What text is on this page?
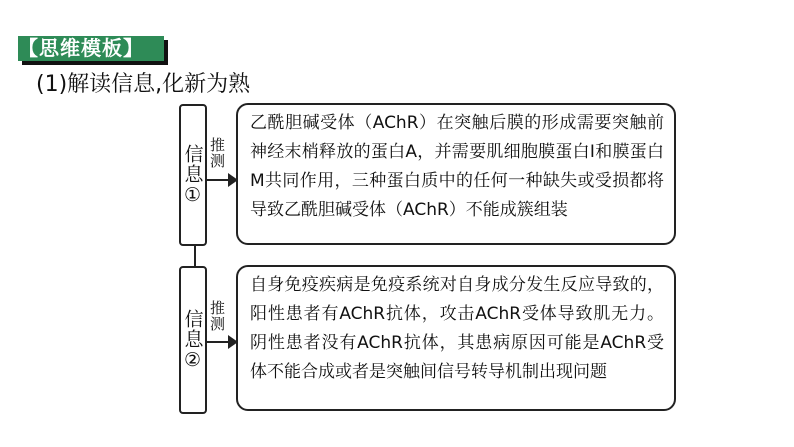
【思维模板】
(1)解读信息,化新为熟
信息① 推测
乙酰胆碱受体（AChR）在突触后膜的形成需要突触前神经末梢释放的蛋白A，并需要肌细胞膜蛋白Ⅰ和膜蛋白M共同作用，三种蛋白质中的任何一种缺失或受损都将导致乙酰胆碱受体（AChR）不能成簇组装
信息② 推测
自身免疫疾病是免疫系统对自身成分发生反应导致的，阳性患者有AChR抗体，攻击AChR受体导致肌无力。阴性患者没有AChR抗体，其患病原因可能是AChR受体不能合成或者是突触间信号转导机制出现问题
